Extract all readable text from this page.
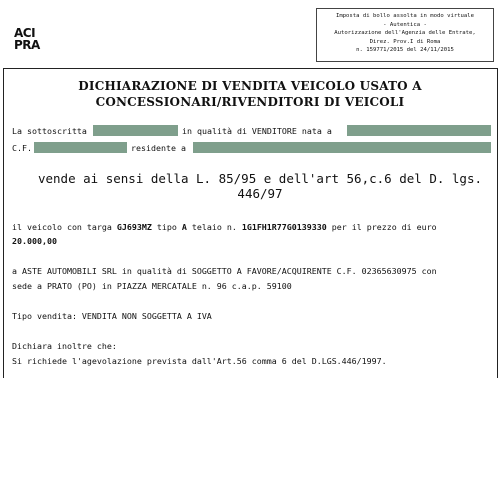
Imposta di bollo assolta in modo virtuale
- Autentica -
Autorizzazione dell'Agenzia delle Entrate,
Direz. Prov.I di Roma
n. 159771/2015 del 24/11/2015
ACI
PRA
DICHIARAZIONE DI VENDITA VEICOLO USATO A
CONCESSIONARI/RIVENDITORI DI VEICOLI
La sottoscritta	in qualità di VENDITORE nata a
C.F.	residente a
vende ai sensi della L. 85/95 e dell'art 56,c.6 del D. lgs.
446/97
il veicolo con targa GJ693MZ tipo A telaio n. 1G1FH1R77G0139330 per il prezzo di euro
20.000,00
a ASTE AUTOMOBILI SRL in qualità di SOGGETTO A FAVORE/ACQUIRENTE C.F. 02365630975 con
sede a PRATO (PO) in PIAZZA MERCATALE n. 96 c.a.p. 59100
Tipo vendita: VENDITA NON SOGGETTA A IVA
Dichiara inoltre che:
Si richiede l'agevolazione prevista dall'Art.56 comma 6 del D.LGS.446/1997.
